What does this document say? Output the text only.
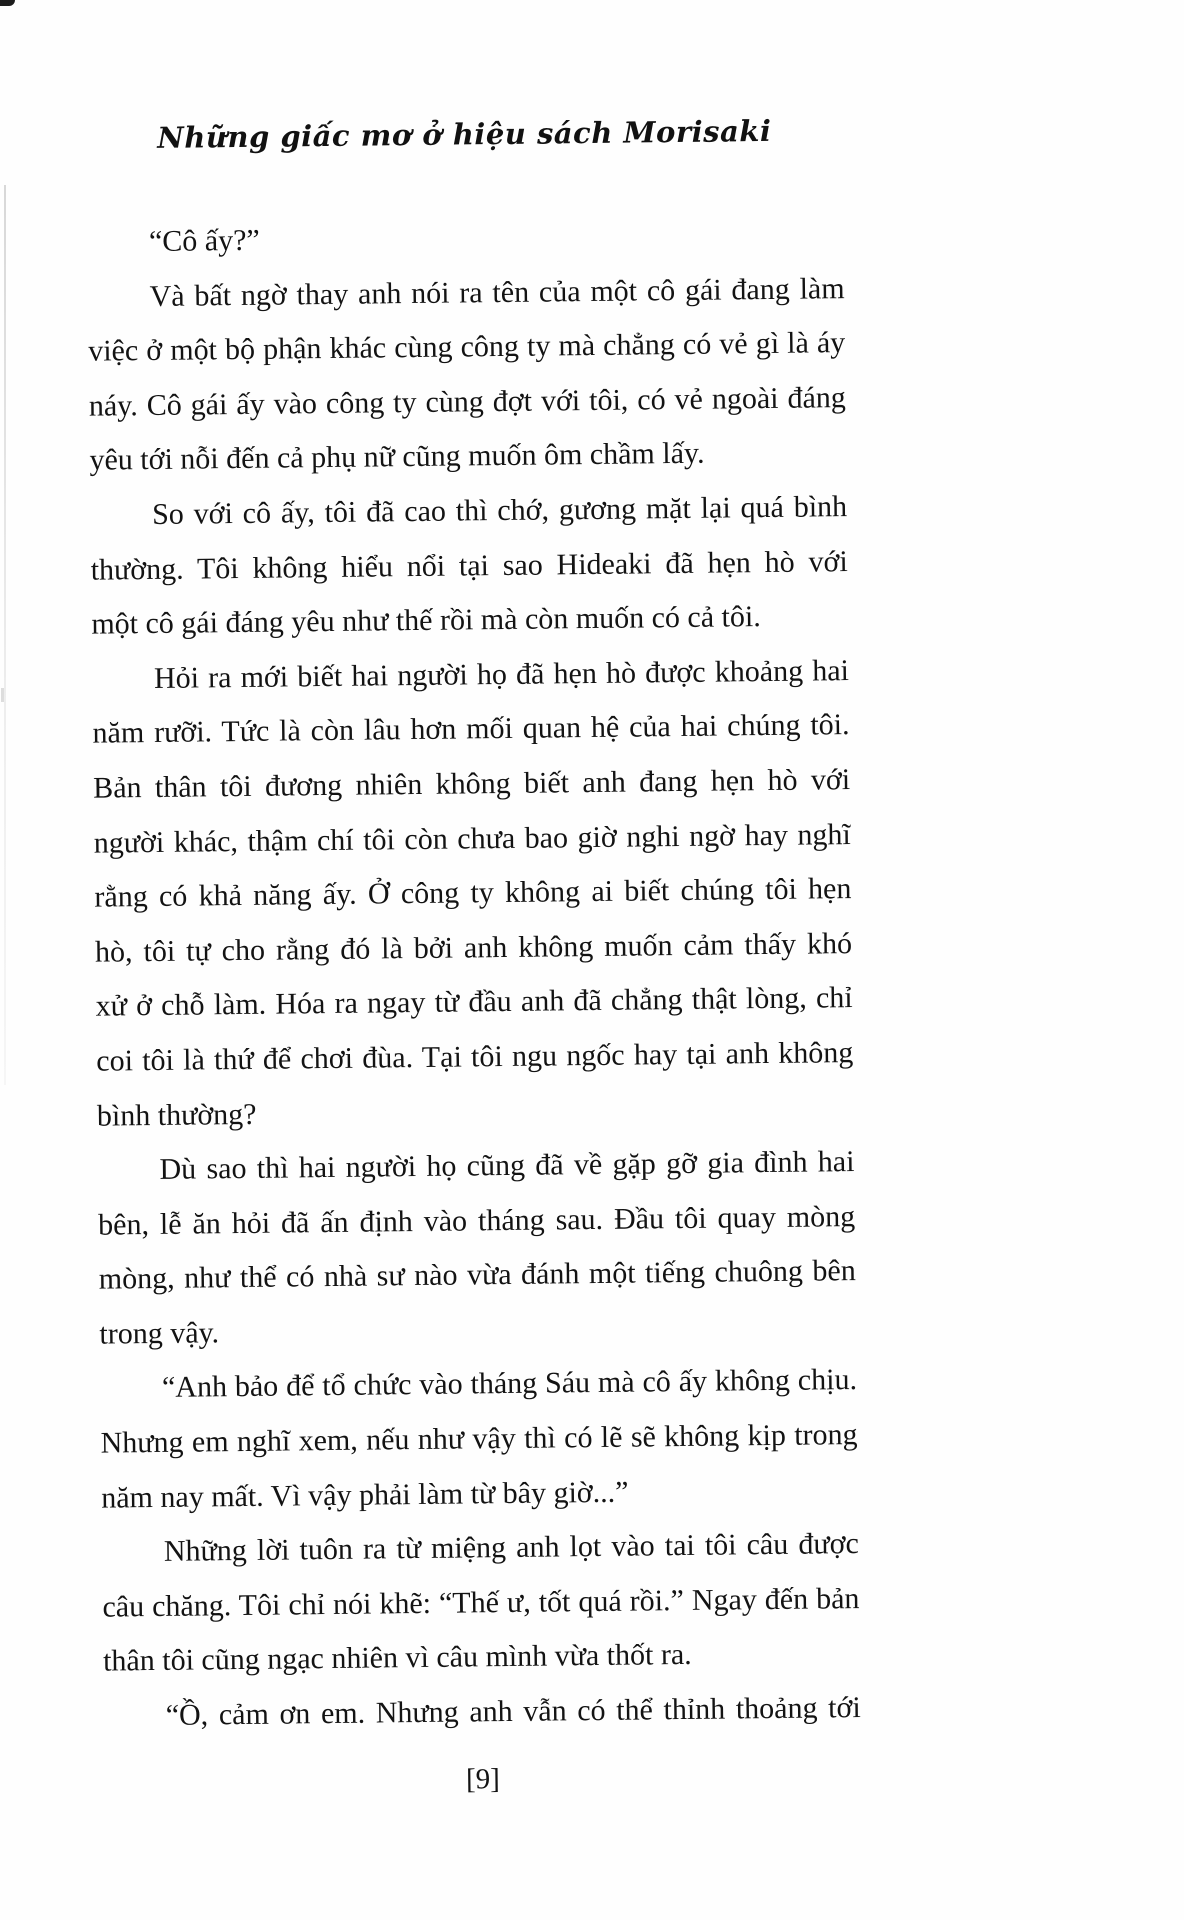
Những giấc mơ ở hiệu sách Morisaki
“Cô ấy?”
Và bất ngờ thay anh nói ra tên của một cô gái đang làm
việc ở một bộ phận khác cùng công ty mà chẳng có vẻ gì là áy
náy. Cô gái ấy vào công ty cùng đợt với tôi, có vẻ ngoài đáng
yêu tới nỗi đến cả phụ nữ cũng muốn ôm chầm lấy.
So với cô ấy, tôi đã cao thì chớ, gương mặt lại quá bình
thường. Tôi không hiểu nổi tại sao Hideaki đã hẹn hò với
một cô gái đáng yêu như thế rồi mà còn muốn có cả tôi.
Hỏi ra mới biết hai người họ đã hẹn hò được khoảng hai
năm rưỡi. Tức là còn lâu hơn mối quan hệ của hai chúng tôi.
Bản thân tôi đương nhiên không biết anh đang hẹn hò với
người khác, thậm chí tôi còn chưa bao giờ nghi ngờ hay nghĩ
rằng có khả năng ấy. Ở công ty không ai biết chúng tôi hẹn
hò, tôi tự cho rằng đó là bởi anh không muốn cảm thấy khó
xử ở chỗ làm. Hóa ra ngay từ đầu anh đã chẳng thật lòng, chỉ
coi tôi là thứ để chơi đùa. Tại tôi ngu ngốc hay tại anh không
bình thường?
Dù sao thì hai người họ cũng đã về gặp gỡ gia đình hai
bên, lễ ăn hỏi đã ấn định vào tháng sau. Đầu tôi quay mòng
mòng, như thể có nhà sư nào vừa đánh một tiếng chuông bên
trong vậy.
“Anh bảo để tổ chức vào tháng Sáu mà cô ấy không chịu.
Nhưng em nghĩ xem, nếu như vậy thì có lẽ sẽ không kịp trong
năm nay mất. Vì vậy phải làm từ bây giờ...”
Những lời tuôn ra từ miệng anh lọt vào tai tôi câu được
câu chăng. Tôi chỉ nói khẽ: “Thế ư, tốt quá rồi.” Ngay đến bản
thân tôi cũng ngạc nhiên vì câu mình vừa thốt ra.
“Ồ, cảm ơn em. Nhưng anh vẫn có thể thỉnh thoảng tới
[9]
